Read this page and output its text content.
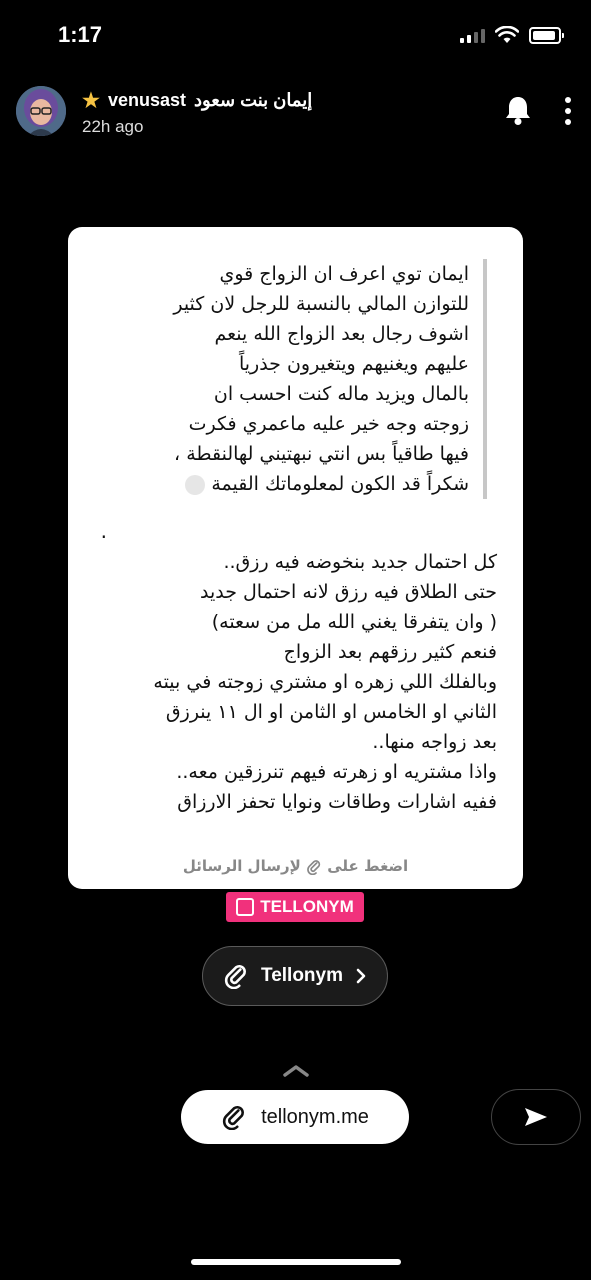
1:17
★ venusast إيمان بنت سعود
22h ago

ايمان توي اعرف ان الزواج قوي

للتوازن المالي بالنسبة للرجل لان كثير

اشوف رجال بعد الزواج الله ينعم

عليهم ويغنيهم ويتغيرون جذرياً

بالمال ويزيد ماله كنت احسب ان

زوجته وجه خير عليه ماعمري فكرت

فيها طاقياً بس انتي نبهتيني لهالنقطة ،

شكراً قد الكون لمعلوماتك القيمة

.

كل احتمال جديد بنخوضه فيه رزق..

حتى الطلاق فيه رزق لانه احتمال جديد

( وان يتفرقا يغني الله مل من سعته)

فنعم كثير رزقهم بعد الزواج

وبالفلك اللي زهره او مشتري زوجته في بيته

الثاني او الخامس او الثامن او ال ١١ ينرزق

بعد زواجه منها..

واذا مشتريه او زهرته فيهم تنرزقين معه..

ففيه اشارات وطاقات ونوايا تحفز الارزاق

اضغط على  لإرسال الرسائل
TELLONYM
Tellonym
tellonym.me
